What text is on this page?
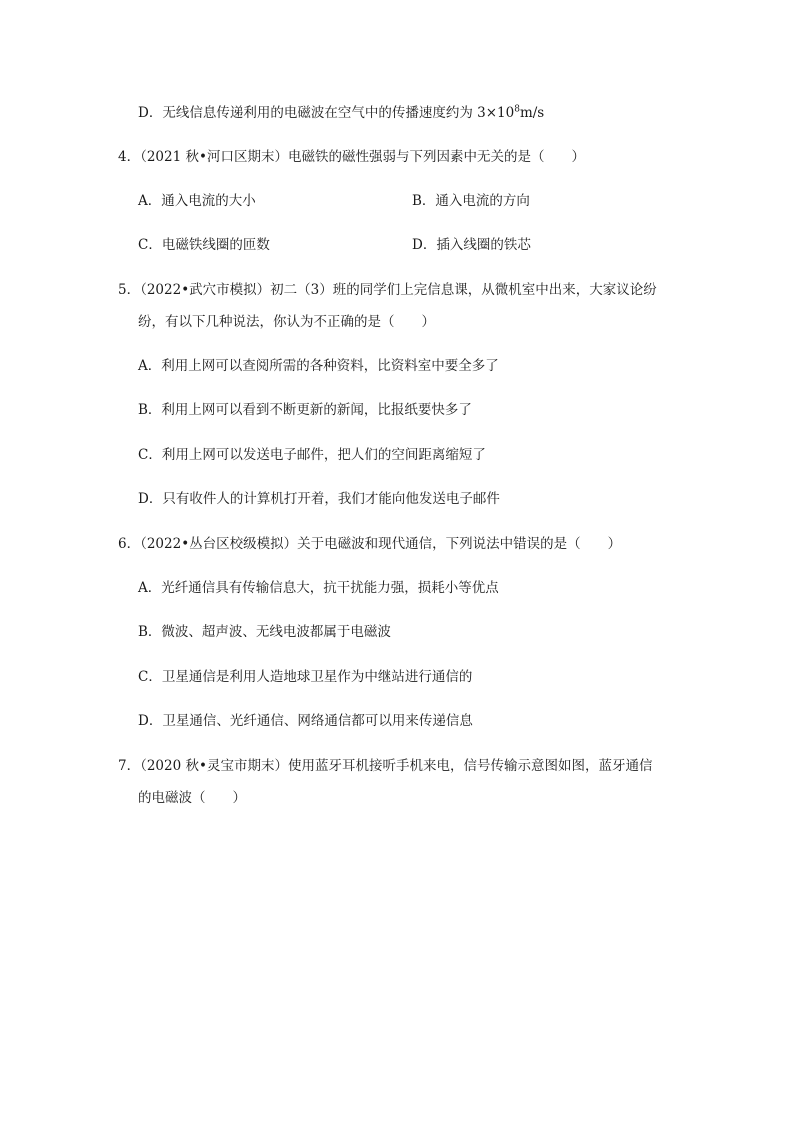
D．无线信息传递利用的电磁波在空气中的传播速度约为 $3\times 10^8m/s$
4．（2021 秋•河口区期末）电磁铁的磁性强弱与下列因素中无关的是（　　）
A．通入电流的大小	B．通入电流的方向
C．电磁铁线圈的匝数	D．插入线圈的铁芯
5．（2022•武穴市模拟）初二（3）班的同学们上完信息课，从微机室中出来，大家议论纷
纷，有以下几种说法，你认为不正确的是（　　）
A．利用上网可以查阅所需的各种资料，比资料室中要全多了
B．利用上网可以看到不断更新的新闻，比报纸要快多了
C．利用上网可以发送电子邮件，把人们的空间距离缩短了
D．只有收件人的计算机打开着，我们才能向他发送电子邮件
6．（2022•丛台区校级模拟）关于电磁波和现代通信，下列说法中错误的是（　　）
A．光纤通信具有传输信息大，抗干扰能力强，损耗小等优点
B．微波、超声波、无线电波都属于电磁波
C．卫星通信是利用人造地球卫星作为中继站进行通信的
D．卫星通信、光纤通信、网络通信都可以用来传递信息
7．（2020 秋•灵宝市期末）使用蓝牙耳机接听手机来电，信号传输示意图如图，蓝牙通信
的电磁波（　　）
